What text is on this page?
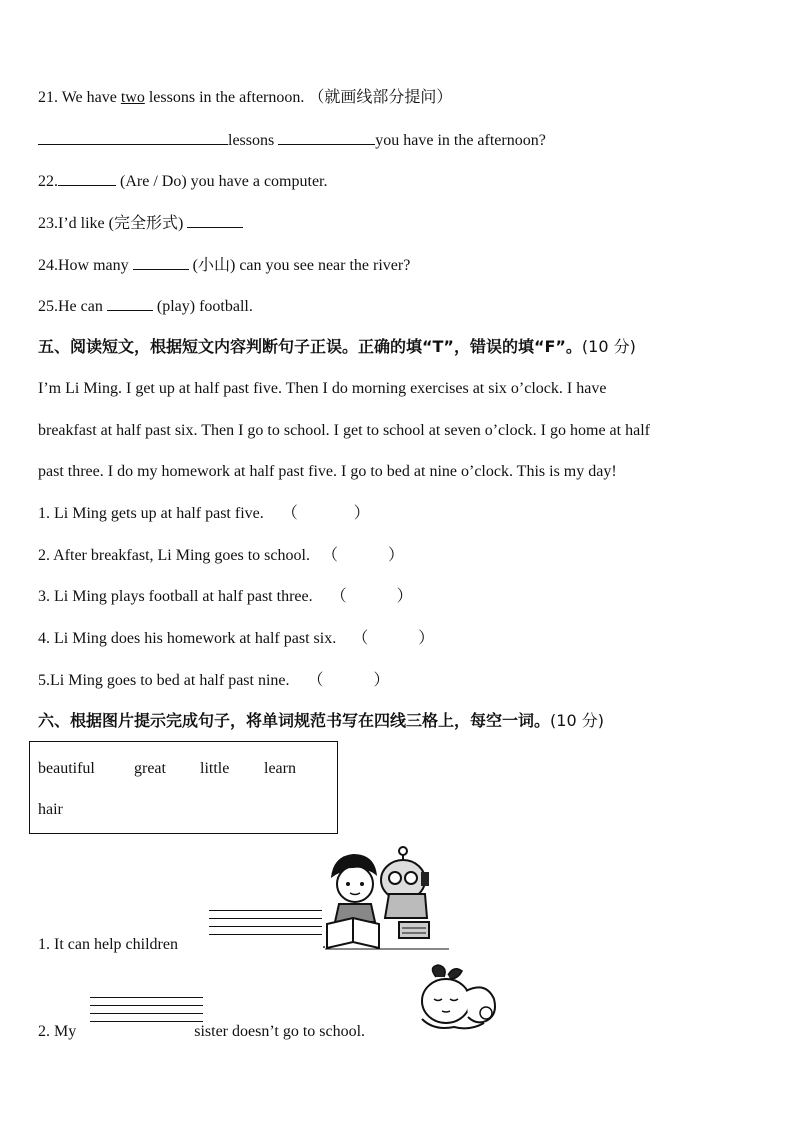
21. We have two lessons in the afternoon. （就画线部分提问）
lessons	you have in the afternoon?
22.	(Are / Do) you have a computer.
23.I’d like (完全形式)
24.How many	(小山) can you see near the river?
25.He can	(play) football.
五、阅读短文，根据短文内容判断句子正误。正确的填“T”，错误的填“F”。(10 分)
I’m Li Ming. I get up at half past five. Then I do morning exercises at six o’clock. I have
breakfast at half past six. Then I go to school. I get to school at seven o’clock. I go home at half
past three. I do my homework at half past five. I go to bed at nine o’clock. This is my day!
1. Li Ming gets up at half past five. （	）
2. After breakfast, Li Ming goes to school. （	）
3. Li Ming plays football at half past three. （	）
4. Li Ming does his homework at half past six. （	）
5.Li Ming goes to bed at half past nine. （	）
六、根据图片提示完成句子，将单词规范书写在四线三格上，每空一词。(10 分)
beautiful great little learn
hair
1. It can help children	.
2. My	sister doesn’t go to school.
